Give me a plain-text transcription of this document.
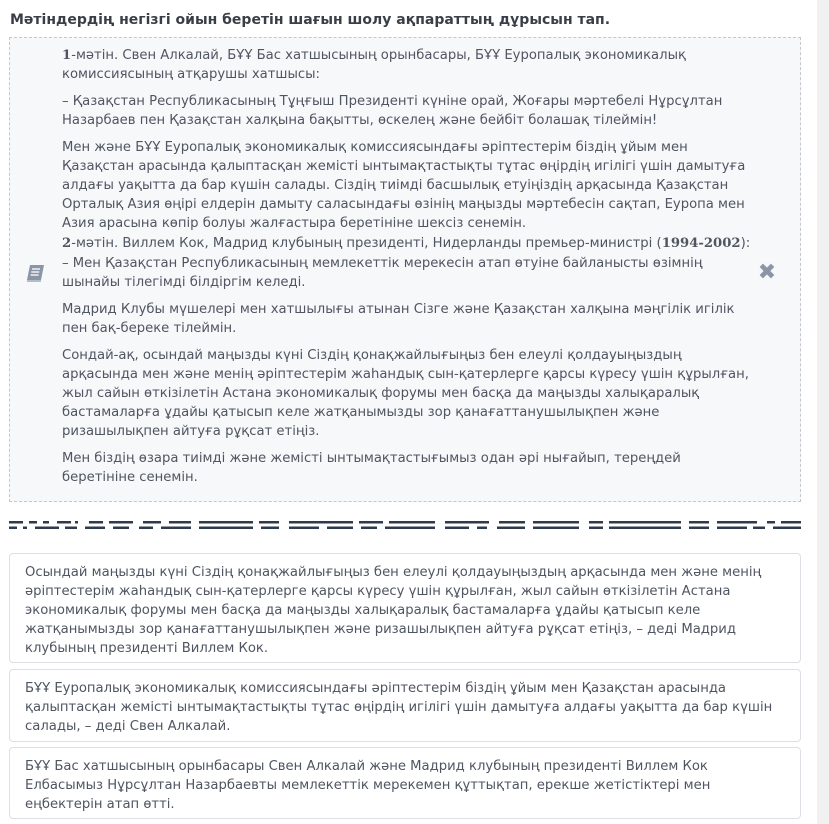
Мәтіндердің негізгі ойын беретін шағын шолу ақпараттың дұрысын тап.
✖

1-мәтін. Свен Алкалай, БҰҰ Бас хатшысының орынбасары, БҰҰ Еуропалық экономикалық комиссиясының атқарушы хатшысы:

– Қазақстан Республикасының Тұңғыш Президенті күніне орай, Жоғары мәртебелі Нұрсұлтан Назарбаев пен Қазақстан халқына бақытты, өскелең және бейбіт болашақ тілеймін!

Мен және БҰҰ Еуропалық экономикалық комиссиясындағы әріптестерім біздің ұйым мен Қазақстан арасында қалыптасқан жемісті ынтымақтастықты тұтас өңірдің игілігі үшін дамытуға алдағы уақытта да бар күшін салады. Сіздің тиімді басшылық етуіңіздің арқасында Қазақстан Орталық Азия өңірі елдерін дамыту саласындағы өзінің маңызды мәртебесін сақтап, Еуропа мен Азия арасына көпір болуы жалғастыра беретініне шексіз сенемін.

2-мәтін. Виллем Кок, Мадрид клубының президенті, Нидерланды премьер-министрі (1994-2002):

– Мен Қазақстан Республикасының мемлекеттік мерекесін атап өтуіне байланысты өзімнің шынайы тілегімді білдіргім келеді.

Мадрид Клубы мүшелері мен хатшылығы атынан Сізге және Қазақстан халқына мәңгілік игілік пен бақ-береке тілеймін.

Сондай-ақ, осындай маңызды күні Сіздің қонақжайлығыңыз бен елеулі қолдауыңыздың арқасында мен және менің әріптестерім жаһандық сын-қатерлерге қарсы күресу үшін құрылған, жыл сайын өткізілетін Астана экономикалық форумы мен басқа да маңызды халықаралық бастамаларға ұдайы қатысып келе жатқанымызды зор қанағаттанушылықпен және ризашылықпен айтуға рұқсат етіңіз.

Мен біздің өзара тиімді және жемісті ынтымақтастығымыз одан әрі нығайып, тереңдей беретініне сенемін.

Осындай маңызды күні Сіздің қонақжайлығыңыз бен елеулі қолдауыңыздың арқасында мен және менің әріптестерім жаһандық сын-қатерлерге қарсы күресу үшін құрылған, жыл сайын өткізілетін Астана экономикалық форумы мен басқа да маңызды халықаралық бастамаларға ұдайы қатысып келе жатқанымызды зор қанағаттанушылықпен және ризашылықпен айтуға рұқсат етіңіз, – деді Мадрид клубының президенті Виллем Кок.
БҰҰ Еуропалық экономикалық комиссиясындағы әріптестерім біздің ұйым мен Қазақстан арасында қалыптасқан жемісті ынтымақтастықты тұтас өңірдің игілігі үшін дамытуға алдағы уақытта да бар күшін салады, – деді Свен Алкалай.
БҰҰ Бас хатшысының орынбасары Свен Алкалай және Мадрид клубының президенті Виллем Кок Елбасымыз Нұрсұлтан Назарбаевты мемлекеттік мерекемен құттықтап, ерекше жетістіктері мен еңбектерін атап өтті.
